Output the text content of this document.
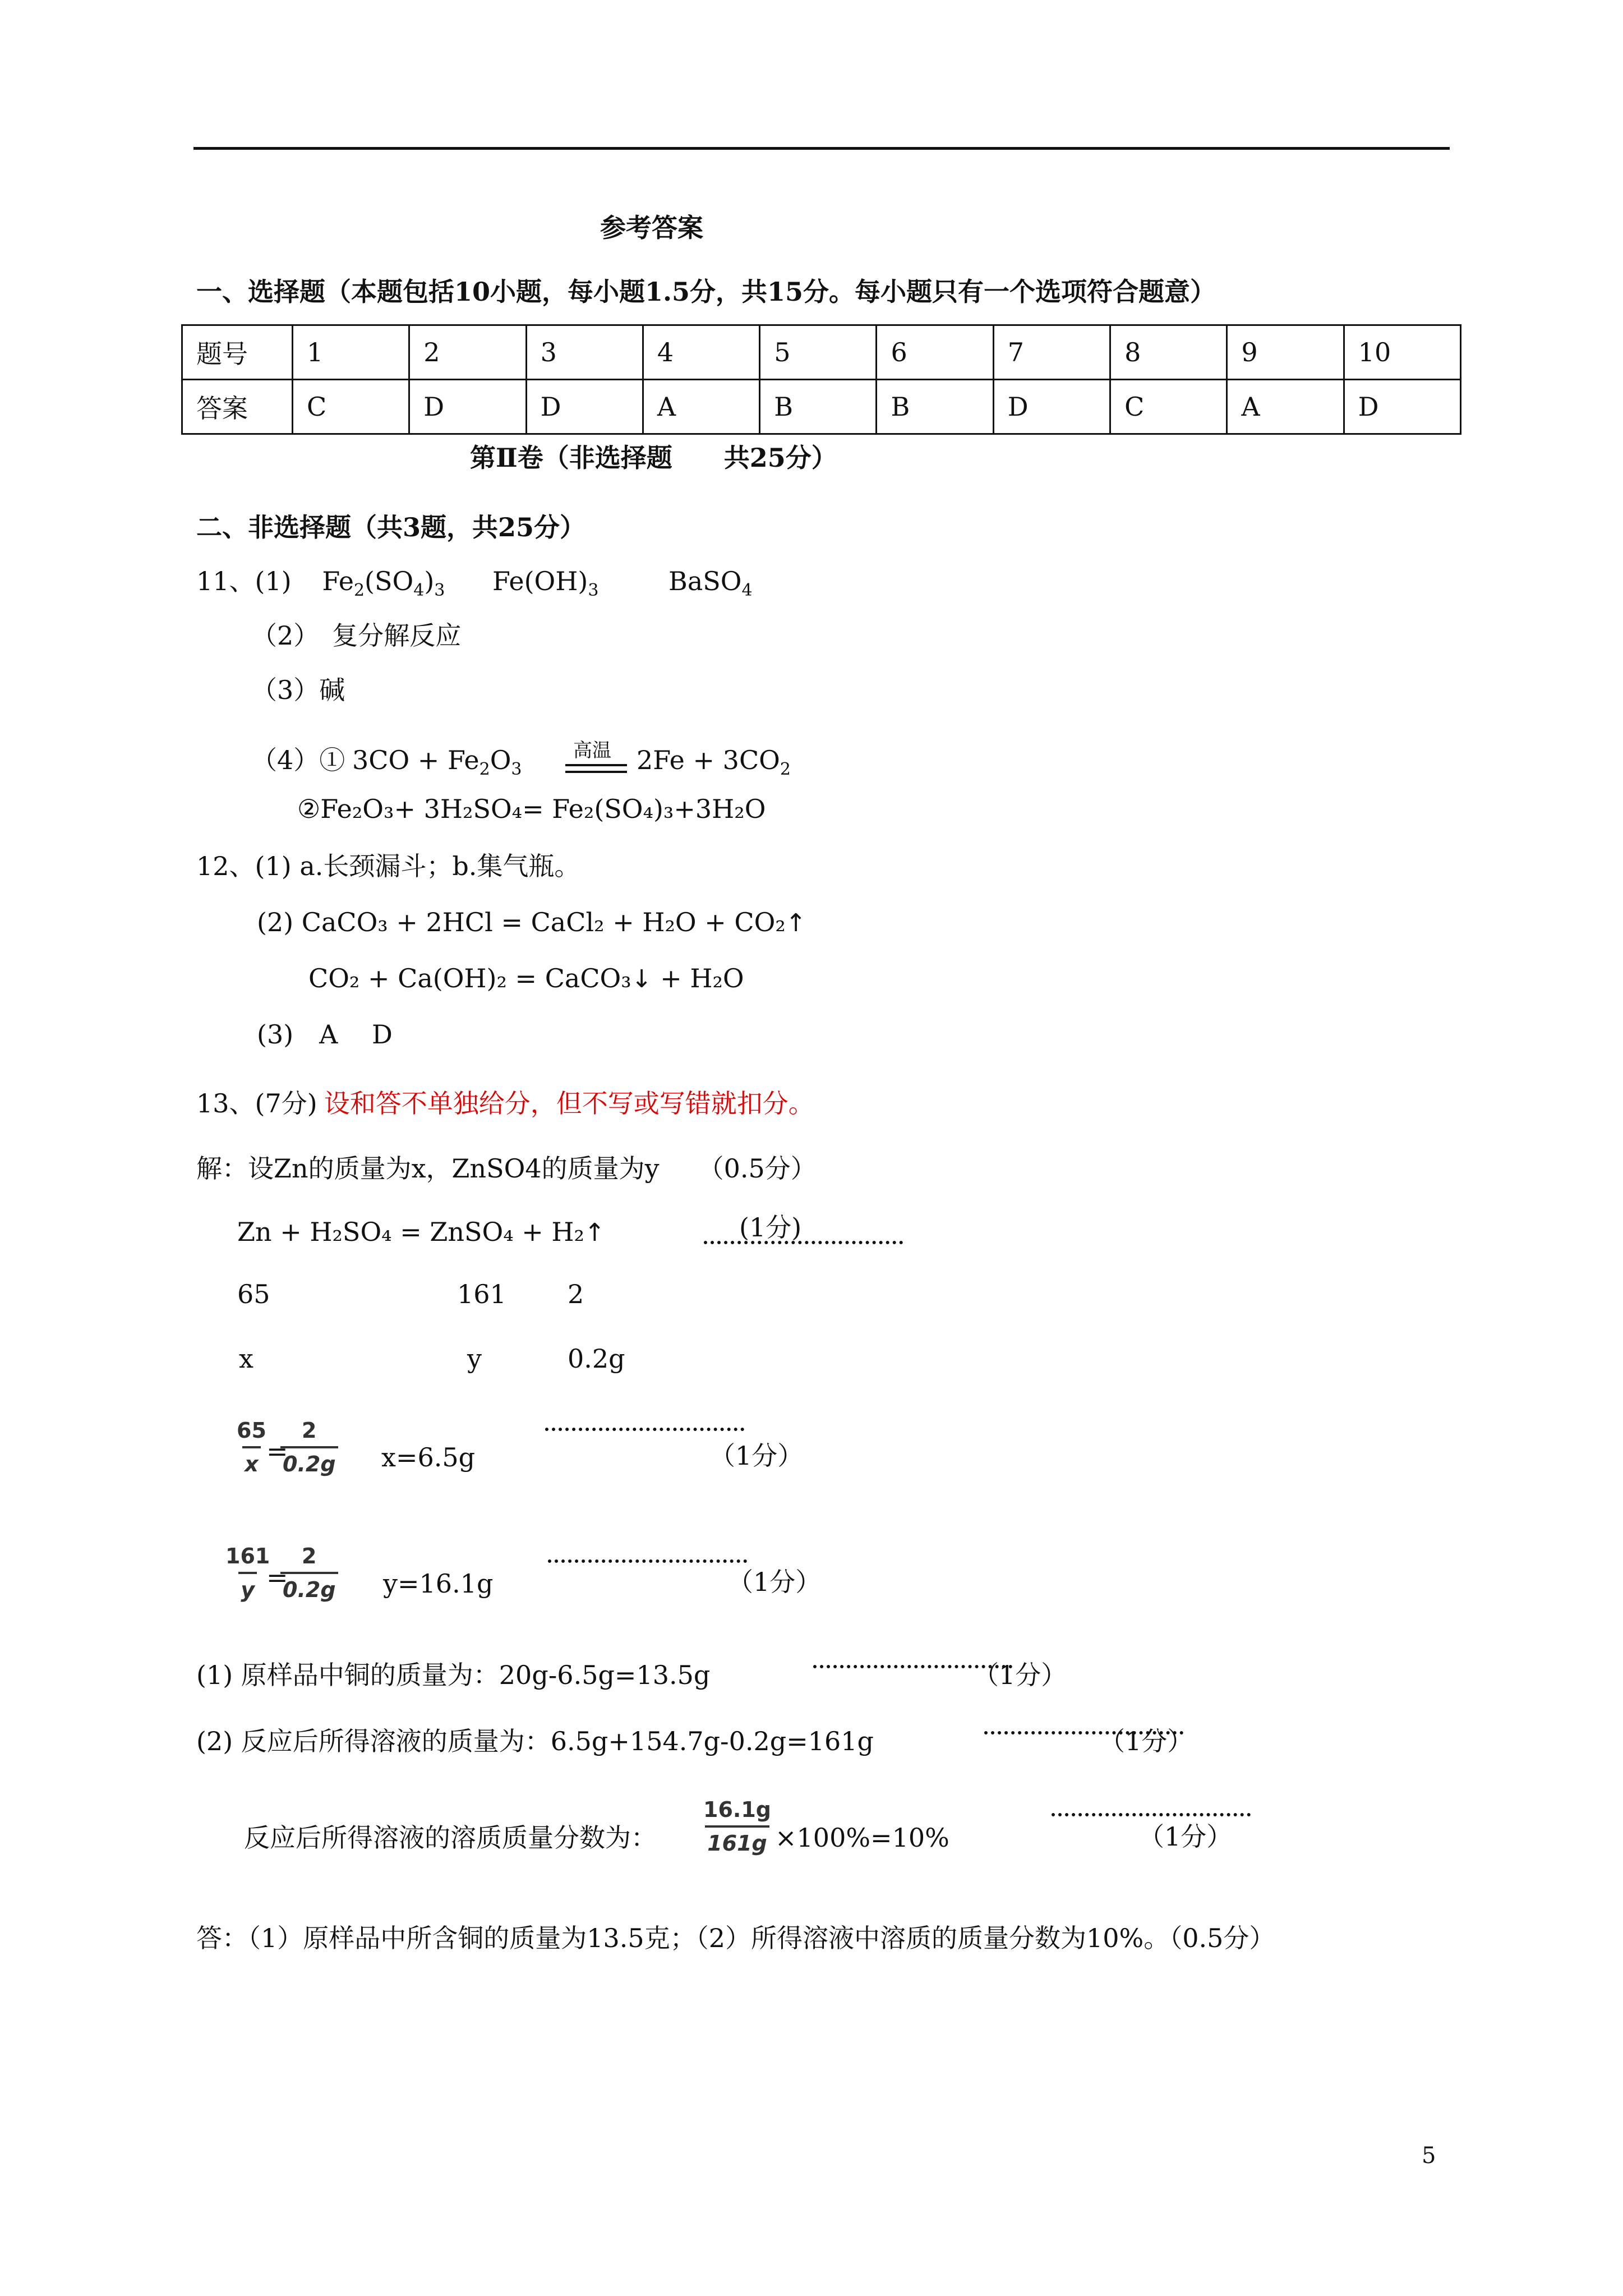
参考答案
一、选择题（本题包括10小题，每小题1.5分，共15分。每小题只有一个选项符合题意）
题号	1	2	3	4	5	6	7	8	9	10
答案	C	D	D	A	B	B	D	C	A	D
第Ⅱ卷（非选择题　　共25分）
二、非选择题（共3题，共25分）
11、(1) $Fe_2(SO_4)_3$ $Fe(OH)_3$	BaSO$_4$
（2）　复分解反应
（3）碱
（4）① $3CO + Fe_2O_3$
高温 $2Fe + 3CO_2$
②Fe₂O₃+ 3H₂SO₄= Fe₂(SO₄)₃+3H₂O
12、(1) a.长颈漏斗；b.集气瓶。
(2) CaCO₃ + 2HCl = CaCl₂ + H₂O + CO₂↑
CO₂ + Ca(OH)₂ = CaCO₃↓ + H₂O
(3)　A　 D
13、(7分) 设和答不单独给分，但不写或写错就扣分。
解：设Zn的质量为x，ZnSO4的质量为y　　（0.5分）
Zn + H₂SO₄ = ZnSO₄ + H₂↑	(1分)
65	161 2
x	y	0.2g
$\frac{65}{x}$
=
$\frac{2}{0.2g} x=6.5g$	（1分）
$\frac{161}{y}$
=
$\frac{2}{0.2g} y=16.1g$	（1分）
(1) 原样品中铜的质量为：20g-6.5g=13.5g	（1分）
(2) 反应后所得溶液的质量为：6.5g+154.7g-0.2g=161g	（1分）
反应后所得溶液的溶质质量分数为： $\frac{16.1g}{161g} \times 100\%=10\%$	（1分）
答：（1）原样品中所含铜的质量为13.5克；（2）所得溶液中溶质的质量分数为10%。（0.5分）
5
